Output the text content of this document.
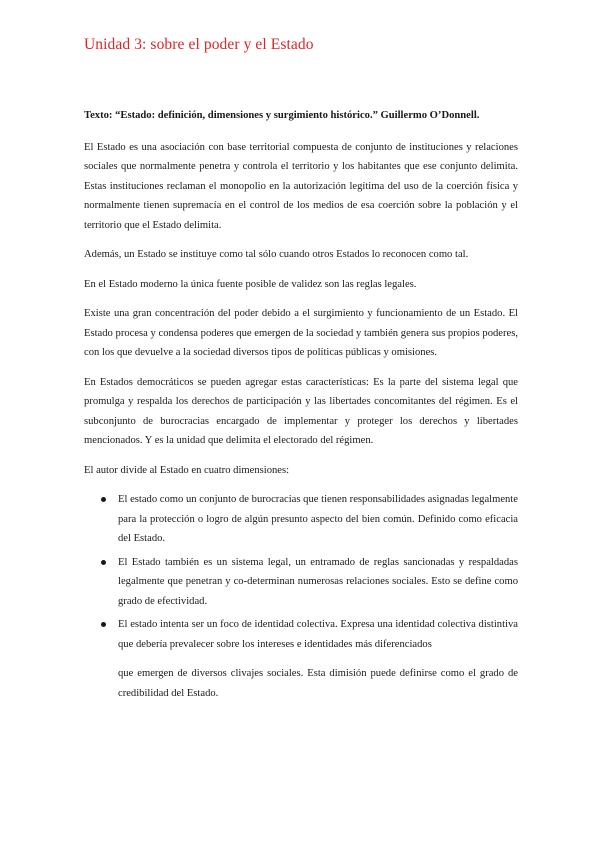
Unidad 3: sobre el poder y el Estado

Texto: “Estado: definición, dimensiones y surgimiento histórico.” Guillermo O’Donnell.

El Estado es una asociación con base territorial compuesta de conjunto de instituciones y relaciones sociales que normalmente penetra y controla el territorio y los habitantes que ese conjunto delimita. Estas instituciones reclaman el monopolio en la autorización legítima del uso de la coerción física y normalmente tienen supremacía en el control de los medios de esa coerción sobre la población y el territorio que el Estado delimita.

Además, un Estado se instituye como tal sólo cuando otros Estados lo reconocen como tal.

En el Estado moderno la única fuente posible de validez son las reglas legales.

Existe una gran concentración del poder debido a el surgimiento y funcionamiento de un Estado. El Estado procesa y condensa poderes que emergen de la sociedad y también genera sus propios poderes, con los que devuelve a la sociedad diversos tipos de políticas públicas y omisiones.

En Estados democráticos se pueden agregar estas características: Es la parte del sistema legal que promulga y respalda los derechos de participación y las libertades concomitantes del régimen. Es el subconjunto de burocracias encargado de implementar y proteger los derechos y libertades mencionados. Y es la unidad que delimita el electorado del régimen.

El autor divide al Estado en cuatro dimensiones:

El estado como un conjunto de burocracias que tienen responsabilidades asignadas legalmente para la protección o logro de algún presunto aspecto del bien común. Definido como eficacia del Estado.
El Estado también es un sistema legal, un entramado de reglas sancionadas y respaldadas legalmente que penetran y co-determinan numerosas relaciones sociales. Esto se define como grado de efectividad.
El estado intenta ser un foco de identidad colectiva. Expresa una identidad colectiva distintiva que debería prevalecer sobre los intereses e identidades más diferenciados

que emergen de diversos clivajes sociales. Esta dimisión puede definirse como el grado de credibilidad del Estado.
